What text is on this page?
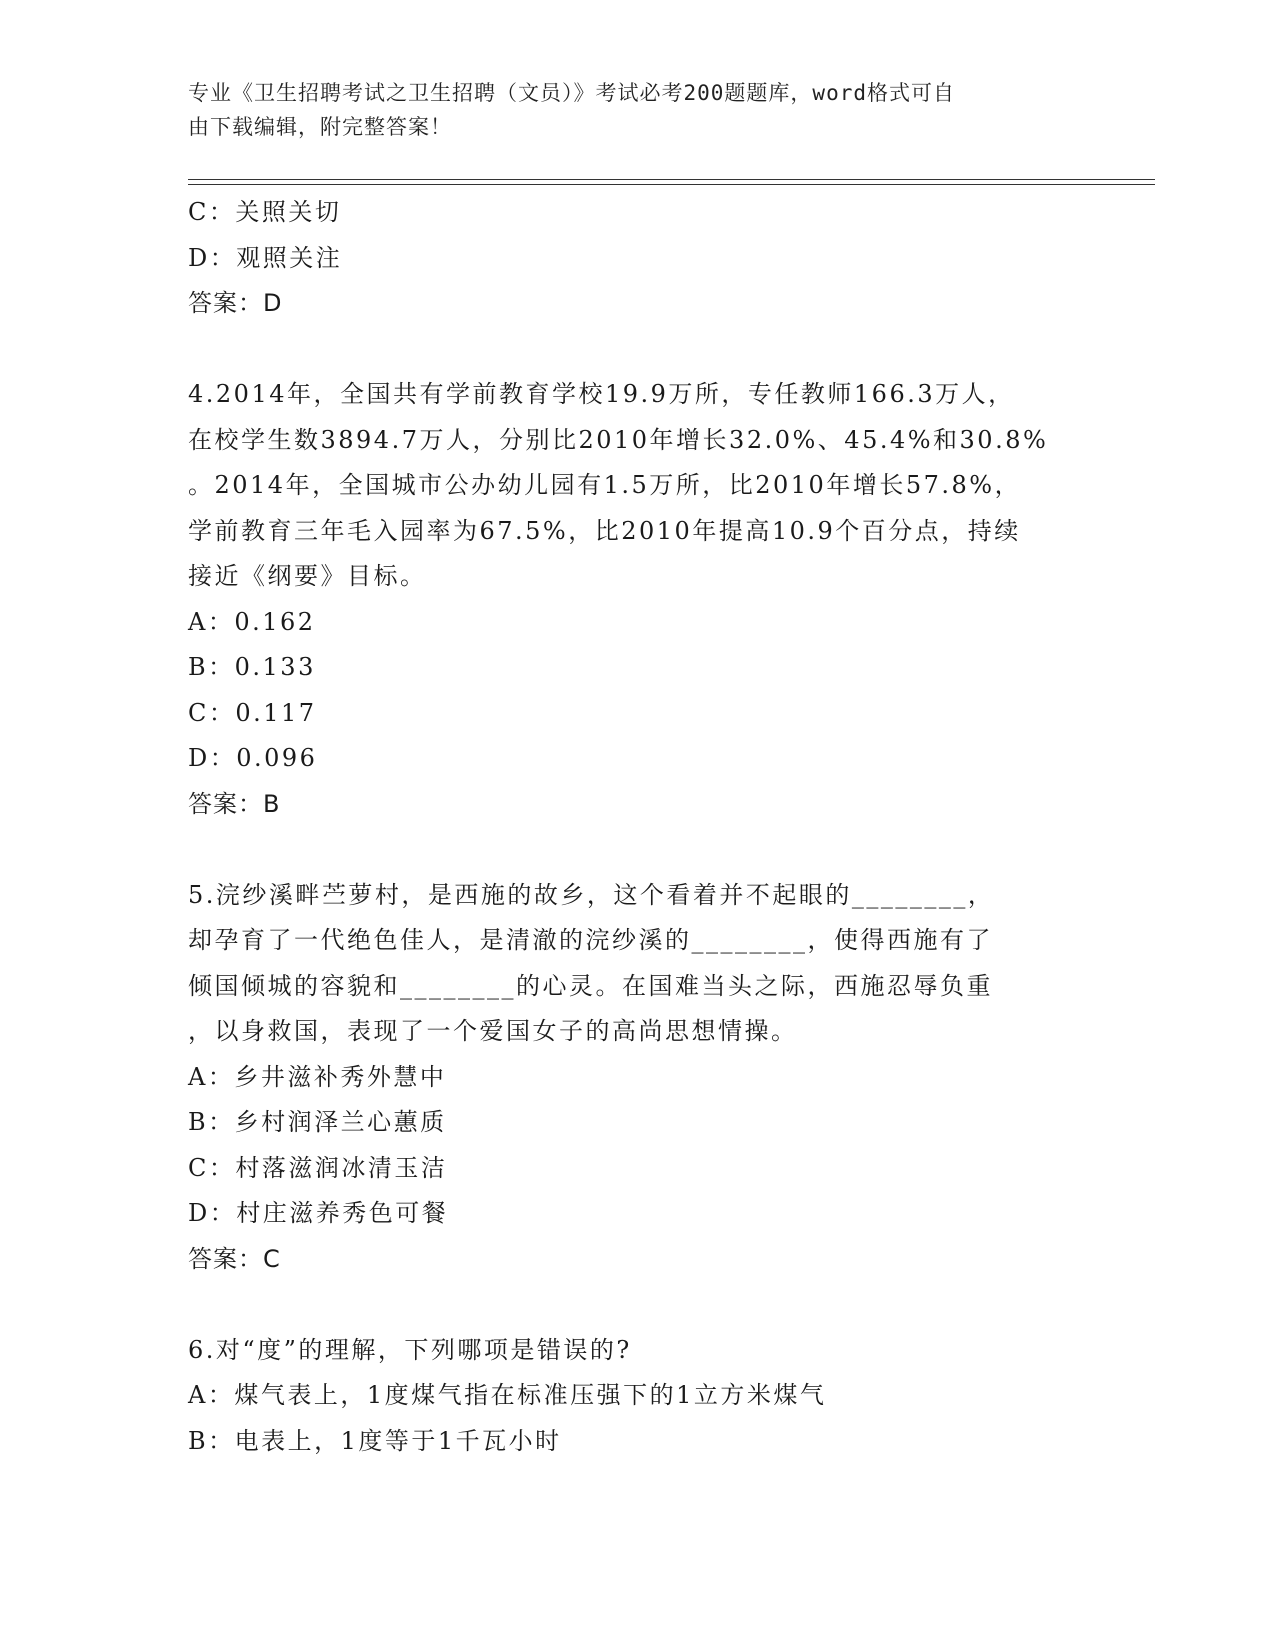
专业《卫生招聘考试之卫生招聘（文员）》考试必考200题题库，word格式可自
由下载编辑，附完整答案！
C：关照关切
D：观照关注
答案：D
4.2014年，全国共有学前教育学校19.9万所，专任教师166.3万人，
在校学生数3894.7万人，分别比2010年增长32.0%、45.4%和30.8%
。2014年，全国城市公办幼儿园有1.5万所，比2010年增长57.8%，
学前教育三年毛入园率为67.5%，比2010年提高10.9个百分点，持续
接近《纲要》目标。
A：0.162
B：0.133
C：0.117
D：0.096
答案：B
5.浣纱溪畔苎萝村，是西施的故乡，这个看着并不起眼的________，
却孕育了一代绝色佳人，是清澈的浣纱溪的________，使得西施有了
倾国倾城的容貌和________的心灵。在国难当头之际，西施忍辱负重
，以身救国，表现了一个爱国女子的高尚思想情操。
A：乡井滋补秀外慧中
B：乡村润泽兰心蕙质
C：村落滋润冰清玉洁
D：村庄滋养秀色可餐
答案：C
6.对“度”的理解，下列哪项是错误的?
A：煤气表上，1度煤气指在标准压强下的1立方米煤气
B：电表上，1度等于1千瓦小时
